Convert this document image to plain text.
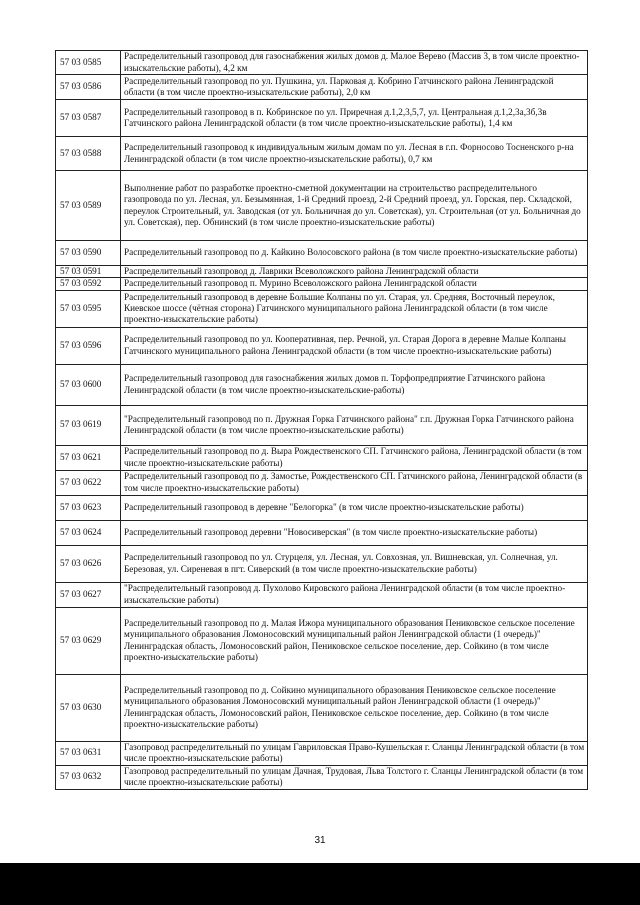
57 03 0585	Распределительный газопровод для газоснабжения жилых домов д. Малое Верево (Массив 3, в том числе проектно-изыскательские работы), 4,2 км
57 03 0586	Распределительный газопровод по ул. Пушкина, ул. Парковая д. Кобрино Гатчинского района Ленинградской области (в том числе проектно-изыскательские работы), 2,0 км
57 03 0587	Распределительный газопровод в п. Кобринское по ул. Приречная д.1,2,3,5,7, ул. Центральная д.1,2,3а,3б,3в Гатчинского района Ленинградской области (в том числе проектно-изыскательские работы), 1,4 км
57 03 0588	Распределительный газопровод к индивидуальным жилым домам по ул. Лесная в г.п. Форносово Тосненского р-на Ленинградской области (в том числе проектно-изыскательские работы), 0,7 км
57 03 0589	Выполнение работ по разработке проектно-сметной документации на строительство распределительного газопровода по ул. Лесная, ул. Безымянная, 1-й Средний проезд, 2-й Средний проезд, ул. Горская, пер. Складской, переулок Строительный, ул. Заводская (от ул. Больничная до ул. Советская), ул. Строительная (от ул. Больничная до ул. Советская), пер. Обнинский (в том числе проектно-изыскательские работы)
57 03 0590	Распределительный газопровод по д. Кайкино Волосовского района (в том числе проектно-изыскательские работы)
57 03 0591	Распределительный газопровод д. Лаврики Всеволожского района Ленинградской области
57 03 0592	Распределительный газопровод п. Мурино Всеволожского района Ленинградской области
57 03 0595	Распределительный газопровод в деревне Большие Колпаны по ул. Старая, ул. Средняя, Восточный переулок, Киевское шоссе (чётная сторона) Гатчинского муниципального района Ленинградской области (в том числе проектно-изыскательские работы)
57 03 0596	Распределительный газопровод по ул. Кооперативная, пер. Речной, ул. Старая Дорога в деревне Малые Колпаны Гатчинского муниципального района Ленинградской области (в том числе проектно-изыскательские работы)
57 03 0600	Распределительный газопровод для газоснабжения жилых домов п. Торфопредприятие Гатчинского района Ленинградской области (в том числе проектно-изыскательские-работы)
57 03 0619	"Распределительный газопровод по п. Дружная Горка Гатчинского района" г.п. Дружная Горка Гатчинского района Ленинградской области (в том числе проектно-изыскательские работы)
57 03 0621	Распределительный газопровод по д. Выра Рождественского СП. Гатчинского района, Ленинградской области (в том числе проектно-изыскательские работы)
57 03 0622	Распределительный газопровод по д. Замостье, Рождественского СП. Гатчинского района, Ленинградской области (в том числе проектно-изыскательские работы)
57 03 0623	Распределительный газопровод в деревне "Белогорка" (в том числе проектно-изыскательские работы)
57 03 0624	Распределительный газопровод деревни "Новосиверская" (в том числе проектно-изыскательские работы)
57 03 0626	Распределительный газопровод по ул. Стурцеля, ул. Лесная, ул. Совхозная, ул. Вишневская, ул. Солнечная, ул. Березовая, ул. Сиреневая в пгт. Сиверский (в том числе проектно-изыскательские работы)
57 03 0627	"Распределительный газопровод д. Пухолово Кировского района Ленинградской области (в том числе проектно-изыскательские работы)
57 03 0629	Распределительный газопровод по д. Малая Ижора муниципального образования Пениковское сельское поселение муниципального образования Ломоносовский муниципальный район Ленинградской области (1 очередь)" Ленинградская область, Ломоносовский район, Пениковское сельское поселение, дер. Сойкино (в том числе проектно-изыскательские работы)
57 03 0630	Распределительный газопровод по д. Сойкино муниципального образования Пениковское сельское поселение муниципального образования Ломоносовский муниципальный район Ленинградской области (1 очередь)" Ленинградская область, Ломоносовский район, Пениковское сельское поселение, дер. Сойкино (в том числе проектно-изыскательские работы)
57 03 0631	Газопровод распределительный по улицам Гавриловская Право-Кушельская г. Сланцы Ленинградской области (в том числе проектно-изыскательские работы)
57 03 0632	Газопровод распределительный по улицам Дачная, Трудовая, Льва Толстого г. Сланцы Ленинградской области (в том числе проектно-изыскательские работы)
31
